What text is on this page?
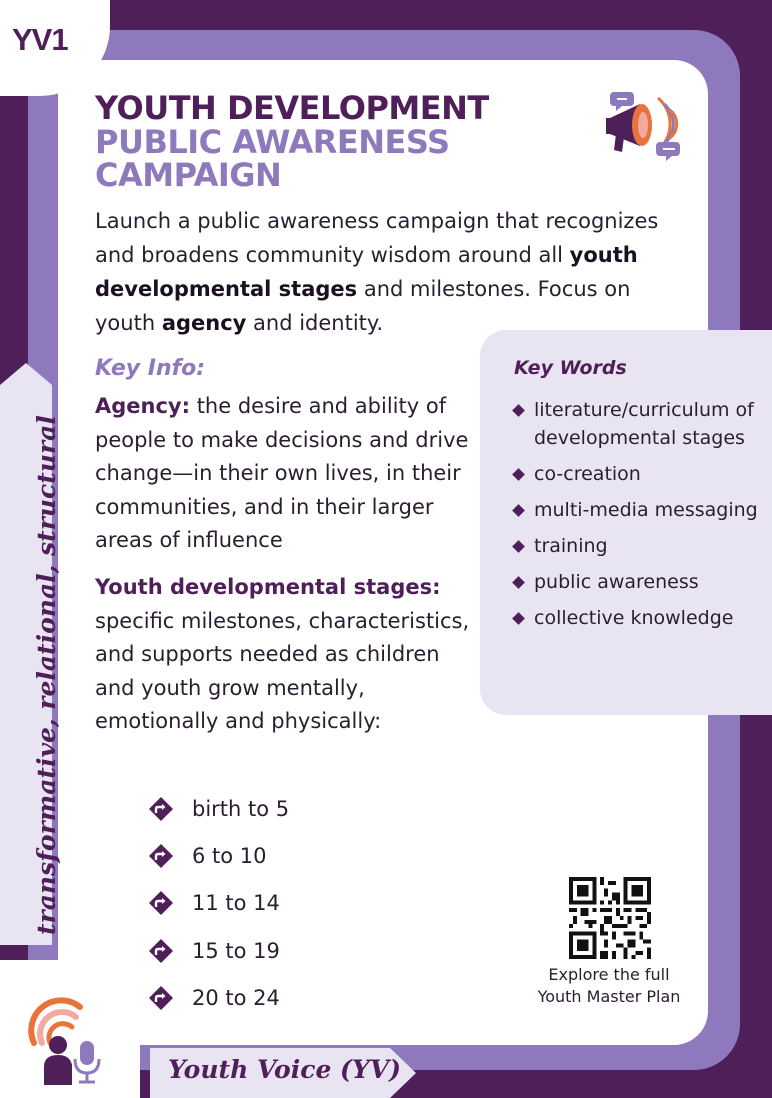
YV1
transformative, relational, structural
Youth Voice (YV)
YOUTH DEVELOPMENT
PUBLIC AWARENESS
CAMPAIGN
Launch a public awareness campaign that recognizes and broadens community wisdom around all youth developmental stages and milestones. Focus on youth agency and identity.
Key Info:
Agency: the desire and ability of people to make decisions and drive change—in their own lives, in their communities, and in their larger areas of influence
Youth developmental stages: specific milestones, characteristics, and supports needed as children and youth grow mentally, emotionally and physically:
birth to 5
6 to 10
11 to 14
15 to 19
20 to 24
Key Words
literature/curriculum of developmental stages
co-creation
multi-media messaging
training
public awareness
collective knowledge
Explore the full
Youth Master Plan
